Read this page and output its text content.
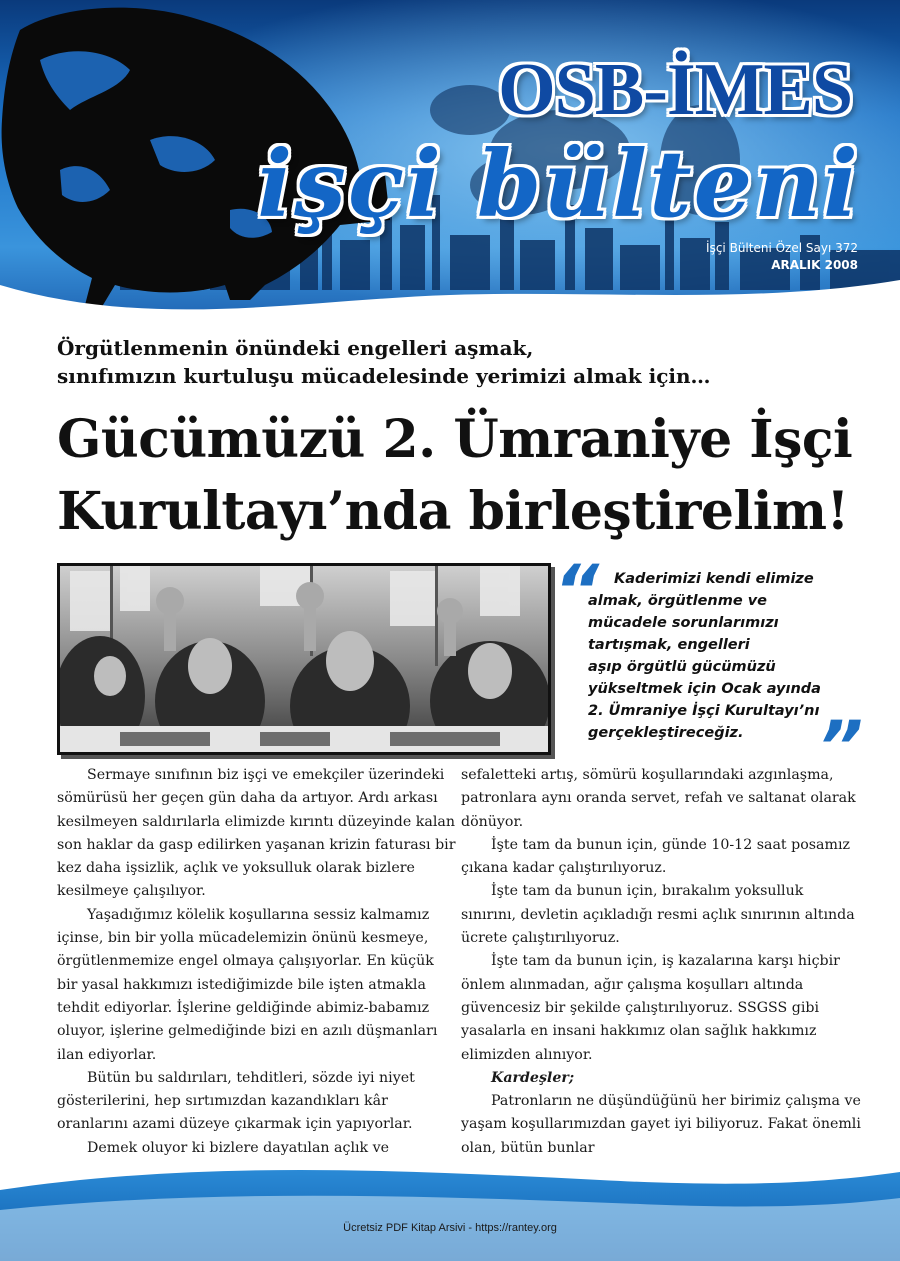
OSB-İMES
işçi bülteni
İşçi Bülteni Özel Sayı 372
ARALIK 2008
Örgütlenmenin önündeki engelleri aşmak,
sınıfımızın kurtuluşu mücadelesinde yerimizi almak için…
Gücümüzü 2. Ümraniye İşçi
Kurultayı’nda birleştirelim!
“	Kaderimizi kendi elimize
almak, örgütlenme ve
mücadele sorunlarımızı
tartışmak, engelleri
aşıp örgütlü gücümüzü
yükseltmek için Ocak ayında
2. Ümraniye İşçi Kurultayı’nı
gerçekleştireceğiz.	”

Sermaye sınıfının biz işçi ve emekçiler üzerindeki sömürüsü her geçen gün daha da artıyor. Ardı arkası kesilmeyen saldırılarla elimizde kırıntı düzeyinde kalan son haklar da gasp edilirken yaşanan krizin faturası bir kez daha işsizlik, açlık ve yoksulluk olarak bizlere kesilmeye çalışılıyor.

Yaşadığımız kölelik koşullarına sessiz kalmamız içinse, bin bir yolla mücadelemizin önünü kesmeye, örgütlenmemize engel olmaya çalışıyorlar. En küçük bir yasal hakkımızı istediğimizde bile işten atmakla tehdit ediyorlar. İşlerine geldiğinde abimiz-babamız oluyor, işlerine gelmediğinde bizi en azılı düşmanları ilan ediyorlar.

Bütün bu saldırıları, tehditleri, sözde iyi niyet gösterilerini, hep sırtımızdan kazandıkları kâr oranlarını azami düzeye çıkarmak için yapıyorlar.

Demek oluyor ki bizlere dayatılan açlık ve

sefaletteki artış, sömürü koşullarındaki azgınlaşma, patronlara aynı oranda servet, refah ve saltanat olarak dönüyor.

İşte tam da bunun için, günde 10-12 saat posamız çıkana kadar çalıştırılıyoruz.

İşte tam da bunun için, bırakalım yoksulluk sınırını, devletin açıkladığı resmi açlık sınırının altında ücrete çalıştırılıyoruz.

İşte tam da bunun için, iş kazalarına karşı hiçbir önlem alınmadan, ağır çalışma koşulları altında güvencesiz bir şekilde çalıştırılıyoruz. SSGSS gibi yasalarla en insani hakkımız olan sağlık hakkımız elimizden alınıyor.

Kardeşler;

Patronların ne düşündüğünü her birimiz çalışma ve yaşam koşullarımızdan gayet iyi biliyoruz. Fakat önemli olan, bütün bunlar

Ücretsiz PDF Kitap Arsivi - https://rantey.org
